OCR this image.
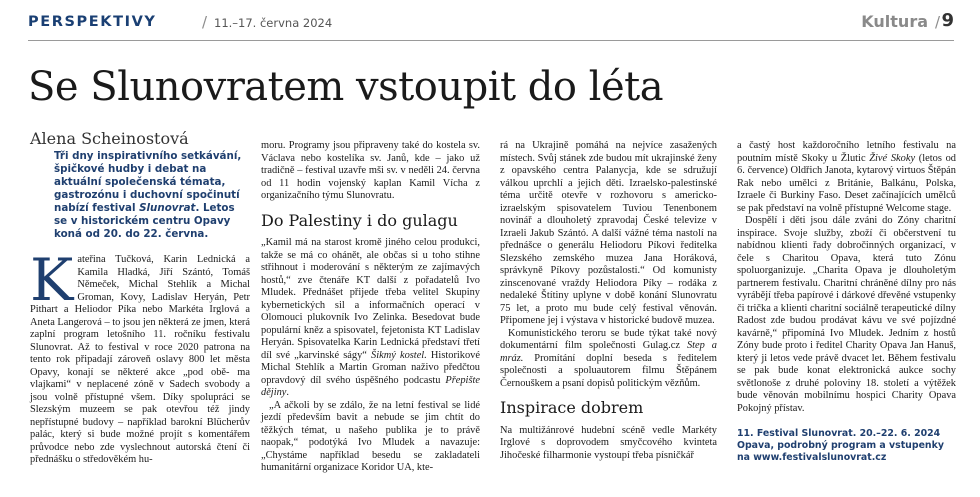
PERSPEKTIVY	/ 11.–17. června 2024	Kultura / 9
Se Slunovratem vstoupit do léta
Alena Scheinostová

Tři dny inspirativního setkávání, špičkové hudby i debat na aktuální společenská témata, gastrozónu i duchovní spočinutí nabízí festival Slunovrat. Letos se v historickém centru Opavy koná od 20. do 22. června.

Kateřina Tučková, Karin Lednická a Kamila Hladká, Jiří Szántó, Tomáš Němeček, Michal Stehlík a Michal Groman, Kovy, Ladislav Heryán, Petr Pithart a Heliodor Píka nebo Markéta Irglová a Aneta Langerová – to jsou jen některá ze jmen, která zaplní program letošního 11. ročníku festivalu Slunovrat. Až to festival v roce 2020 patrona na tento rok připadají zároveň oslavy 800 let města Opavy, konají se některé akce „pod obě- ma vlajkami“ v neplacené zóně v Sadech svobody a jsou volně přístupné všem. Díky spolupráci se Slezským muzeem se pak otevřou též jindy nepřístupné budovy – například barokní Blücherův palác, který si bude možné projít s komentářem průvodce nebo zde vyslechnout autorská čtení či přednášku o středověkém hu-

moru. Programy jsou připraveny také do kostela sv. Václava nebo kostelíka sv. Janů, kde – jako už tradičně – festival uzavře mši sv. v neděli 24. června od 11 hodin vojenský kaplan Kamil Vícha z organizačního týmu Slunovratu.

Do Palestiny i do gulagu

„Kamil má na starost kromě jiného celou produkci, takže se má co ohánět, ale občas si u toho stihne střihnout i moderování s některým ze zajímavých hostů,“ zve čtenáře KT další z pořadatelů Ivo Mludek. Přednášet přijede třeba velitel Skupiny kybernetických sil a informačních operací v Olomouci plukovník Ivo Zelinka. Besedovat bude populární kněz a spisovatel, fejetonista KT Ladislav Heryán. Spisovatelka Karin Lednická představí třetí díl své „karvinské ságy“ Šikmý kostel. Historikové Michal Stehlík a Martin Groman naživo předčtou opravdový díl svého úspěšného podcastu Přepište dějiny.

„A ačkoli by se zdálo, že na letní festival se lidé jezdí především bavit a nebude se jim chtít do těžkých témat, u našeho publika je to právě naopak,“ podotýká Ivo Mludek a navazuje: „Chystáme například besedu se zakladateli humanitární organizace Koridor UA, kte-

rá na Ukrajině pomáhá na nejvíce zasažených místech. Svůj stánek zde budou mít ukrajinské ženy z opavského centra Palanycja, kde se sdružují válkou uprchlí a jejich děti. Izraelsko-palestinské téma určitě otevře v rozhovoru s americko-izraelským spisovatelem Tuviou Tenenbonem novinář a dlouholetý zpravodaj České televize v Izraeli Jakub Szántó. A další vážné téma nastolí na přednášce o generálu Heliodoru Píkovi ředitelka Slezského zemského muzea Jana Horáková, správkyně Píkovy pozůstalosti.“ Od komunisty zinscenované vraždy Heliodora Píky – rodáka z nedaleké Štítiny uplyne v době konání Slunovratu 75 let, a proto mu bude celý festival věnován. Připomene jej i výstava v historické budově muzea.

Komunistického teroru se bude týkat také nový dokumentární film společnosti Gulag.cz Step a mráz. Promítání doplní beseda s ředitelem společnosti a spoluautorem filmu Štěpánem Černouškem a psaní dopisů politickým vězňům.

Inspirace dobrem

Na multižánrové hudební scéně vedle Markéty Irglové s doprovodem smyčcového kvinteta Jihočeské filharmonie vystoupí třeba písničkář

a častý host každoročního letního festivalu na poutním místě Skoky u Žlutic Živé Skoky (letos od 6. července) Oldřich Janota, kytarový virtuos Štěpán Rak nebo umělci z Británie, Balkánu, Polska, Izraele či Burkiny Faso. Deset začínajících umělců se pak představí na volně přístupné Welcome stage.

Dospělí i děti jsou dále zváni do Zóny charitní inspirace. Svoje služby, zboží či občerstvení tu nabídnou klienti řady dobročinných organizací, v čele s Charitou Opava, která tuto Zónu spoluorganizuje. „Charita Opava je dlouholetým partnerem festivalu. Charitní chráněné dílny pro nás vyrábějí třeba papírové i dárkové dřevěné vstupenky či trička a klienti charitní sociálně terapeutické dílny Radost zde budou prodávat kávu ve své pojízdné kavárně,“ připomíná Ivo Mludek. Jedním z hostů Zóny bude proto i ředitel Charity Opava Jan Hanuš, který ji letos vede právě dvacet let. Během festivalu se pak bude konat elektronická aukce sochy světlonoše z druhé poloviny 18. století a výtěžek bude věnován mobilnímu hospici Charity Opava Pokojný přístav.

11. Festival Slunovrat. 20.–22. 6. 2024
Opava, podrobný program a vstupenky
na www.festivalslunovrat.cz
